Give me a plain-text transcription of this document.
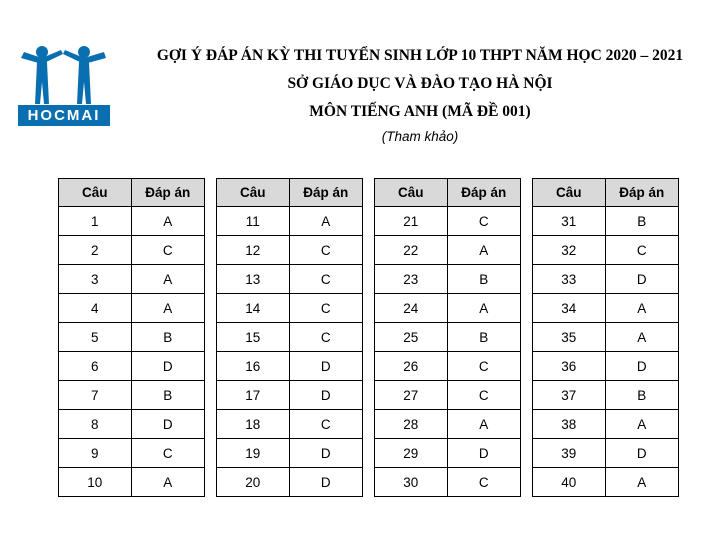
HOCMAI
GỢI Ý ĐÁP ÁN KỲ THI TUYỂN SINH LỚP 10 THPT NĂM HỌC 2020 – 2021
SỞ GIÁO DỤC VÀ ĐÀO TẠO HÀ NỘI
MÔN TIẾNG ANH (MÃ ĐỀ 001)
(Tham khảo)
Câu	Đáp án
1	A
2	C
3	A
4	A
5	B
6	D
7	B
8	D
9	C
10	A
Câu	Đáp án
11	A
12	C
13	C
14	C
15	C
16	D
17	D
18	C
19	D
20	D
Câu	Đáp án
21	C
22	A
23	B
24	A
25	B
26	C
27	C
28	A
29	D
30	C
Câu	Đáp án
31	B
32	C
33	D
34	A
35	A
36	D
37	B
38	A
39	D
40	A
